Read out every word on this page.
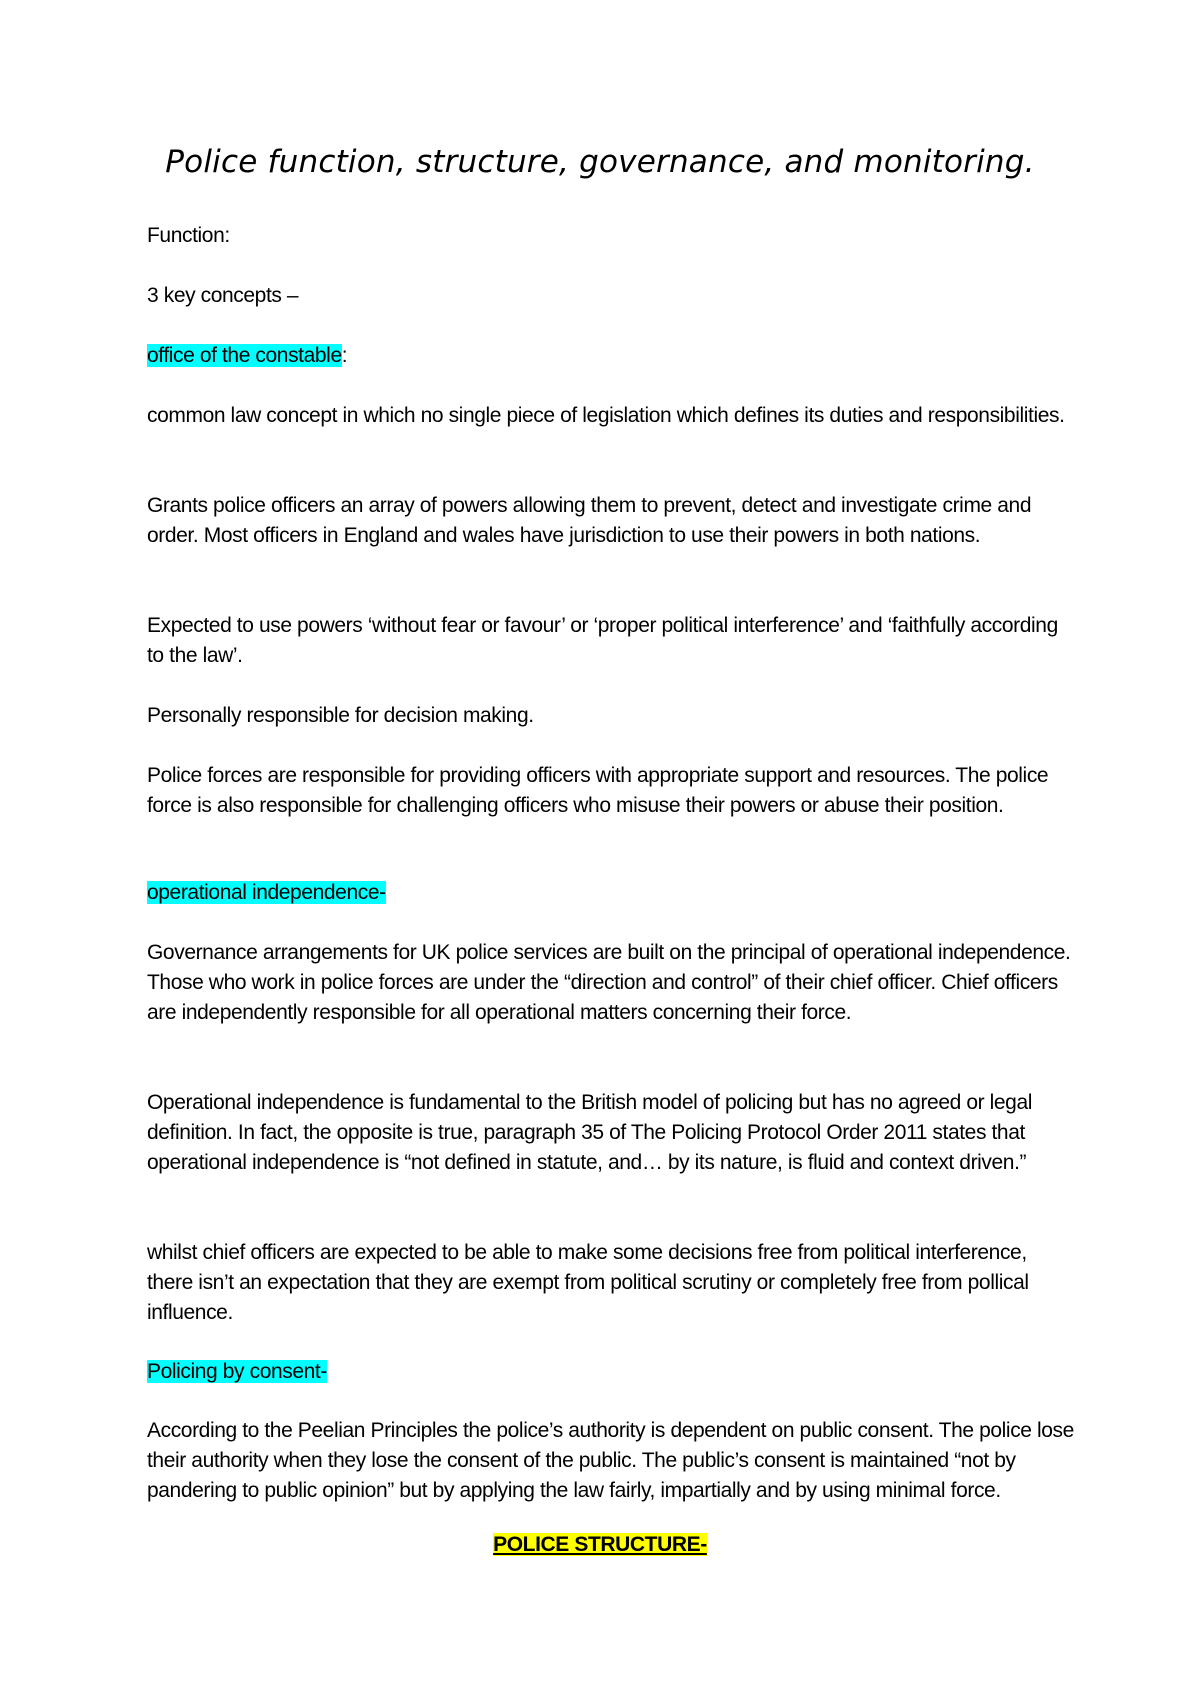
Police function, structure, governance, and monitoring.
Function:
3 key concepts –
office of the constable:
common law concept in which no single piece of legislation which defines its duties and responsibilities.
Grants police officers an array of powers allowing them to prevent, detect and investigate crime and order. Most officers in England and wales have jurisdiction to use their powers in both nations.
Expected to use powers ‘without fear or favour’ or ‘proper political interference’ and ‘faithfully according to the law’.
Personally responsible for decision making.
Police forces are responsible for providing officers with appropriate support and resources. The police force is also responsible for challenging officers who misuse their powers or abuse their position.
operational independence-
Governance arrangements for UK police services are built on the principal of operational independence. Those who work in police forces are under the “direction and control” of their chief officer. Chief officers are independently responsible for all operational matters concerning their force.
Operational independence is fundamental to the British model of policing but has no agreed or legal definition. In fact, the opposite is true, paragraph 35 of The Policing Protocol Order 2011 states that operational independence is “not defined in statute, and… by its nature, is fluid and context driven.”
whilst chief officers are expected to be able to make some decisions free from political interference, there isn’t an expectation that they are exempt from political scrutiny or completely free from pollical influence.
Policing by consent-
According to the Peelian Principles the police’s authority is dependent on public consent. The police lose their authority when they lose the consent of the public. The public’s consent is maintained “not by pandering to public opinion” but by applying the law fairly, impartially and by using minimal force.
POLICE STRUCTURE-
